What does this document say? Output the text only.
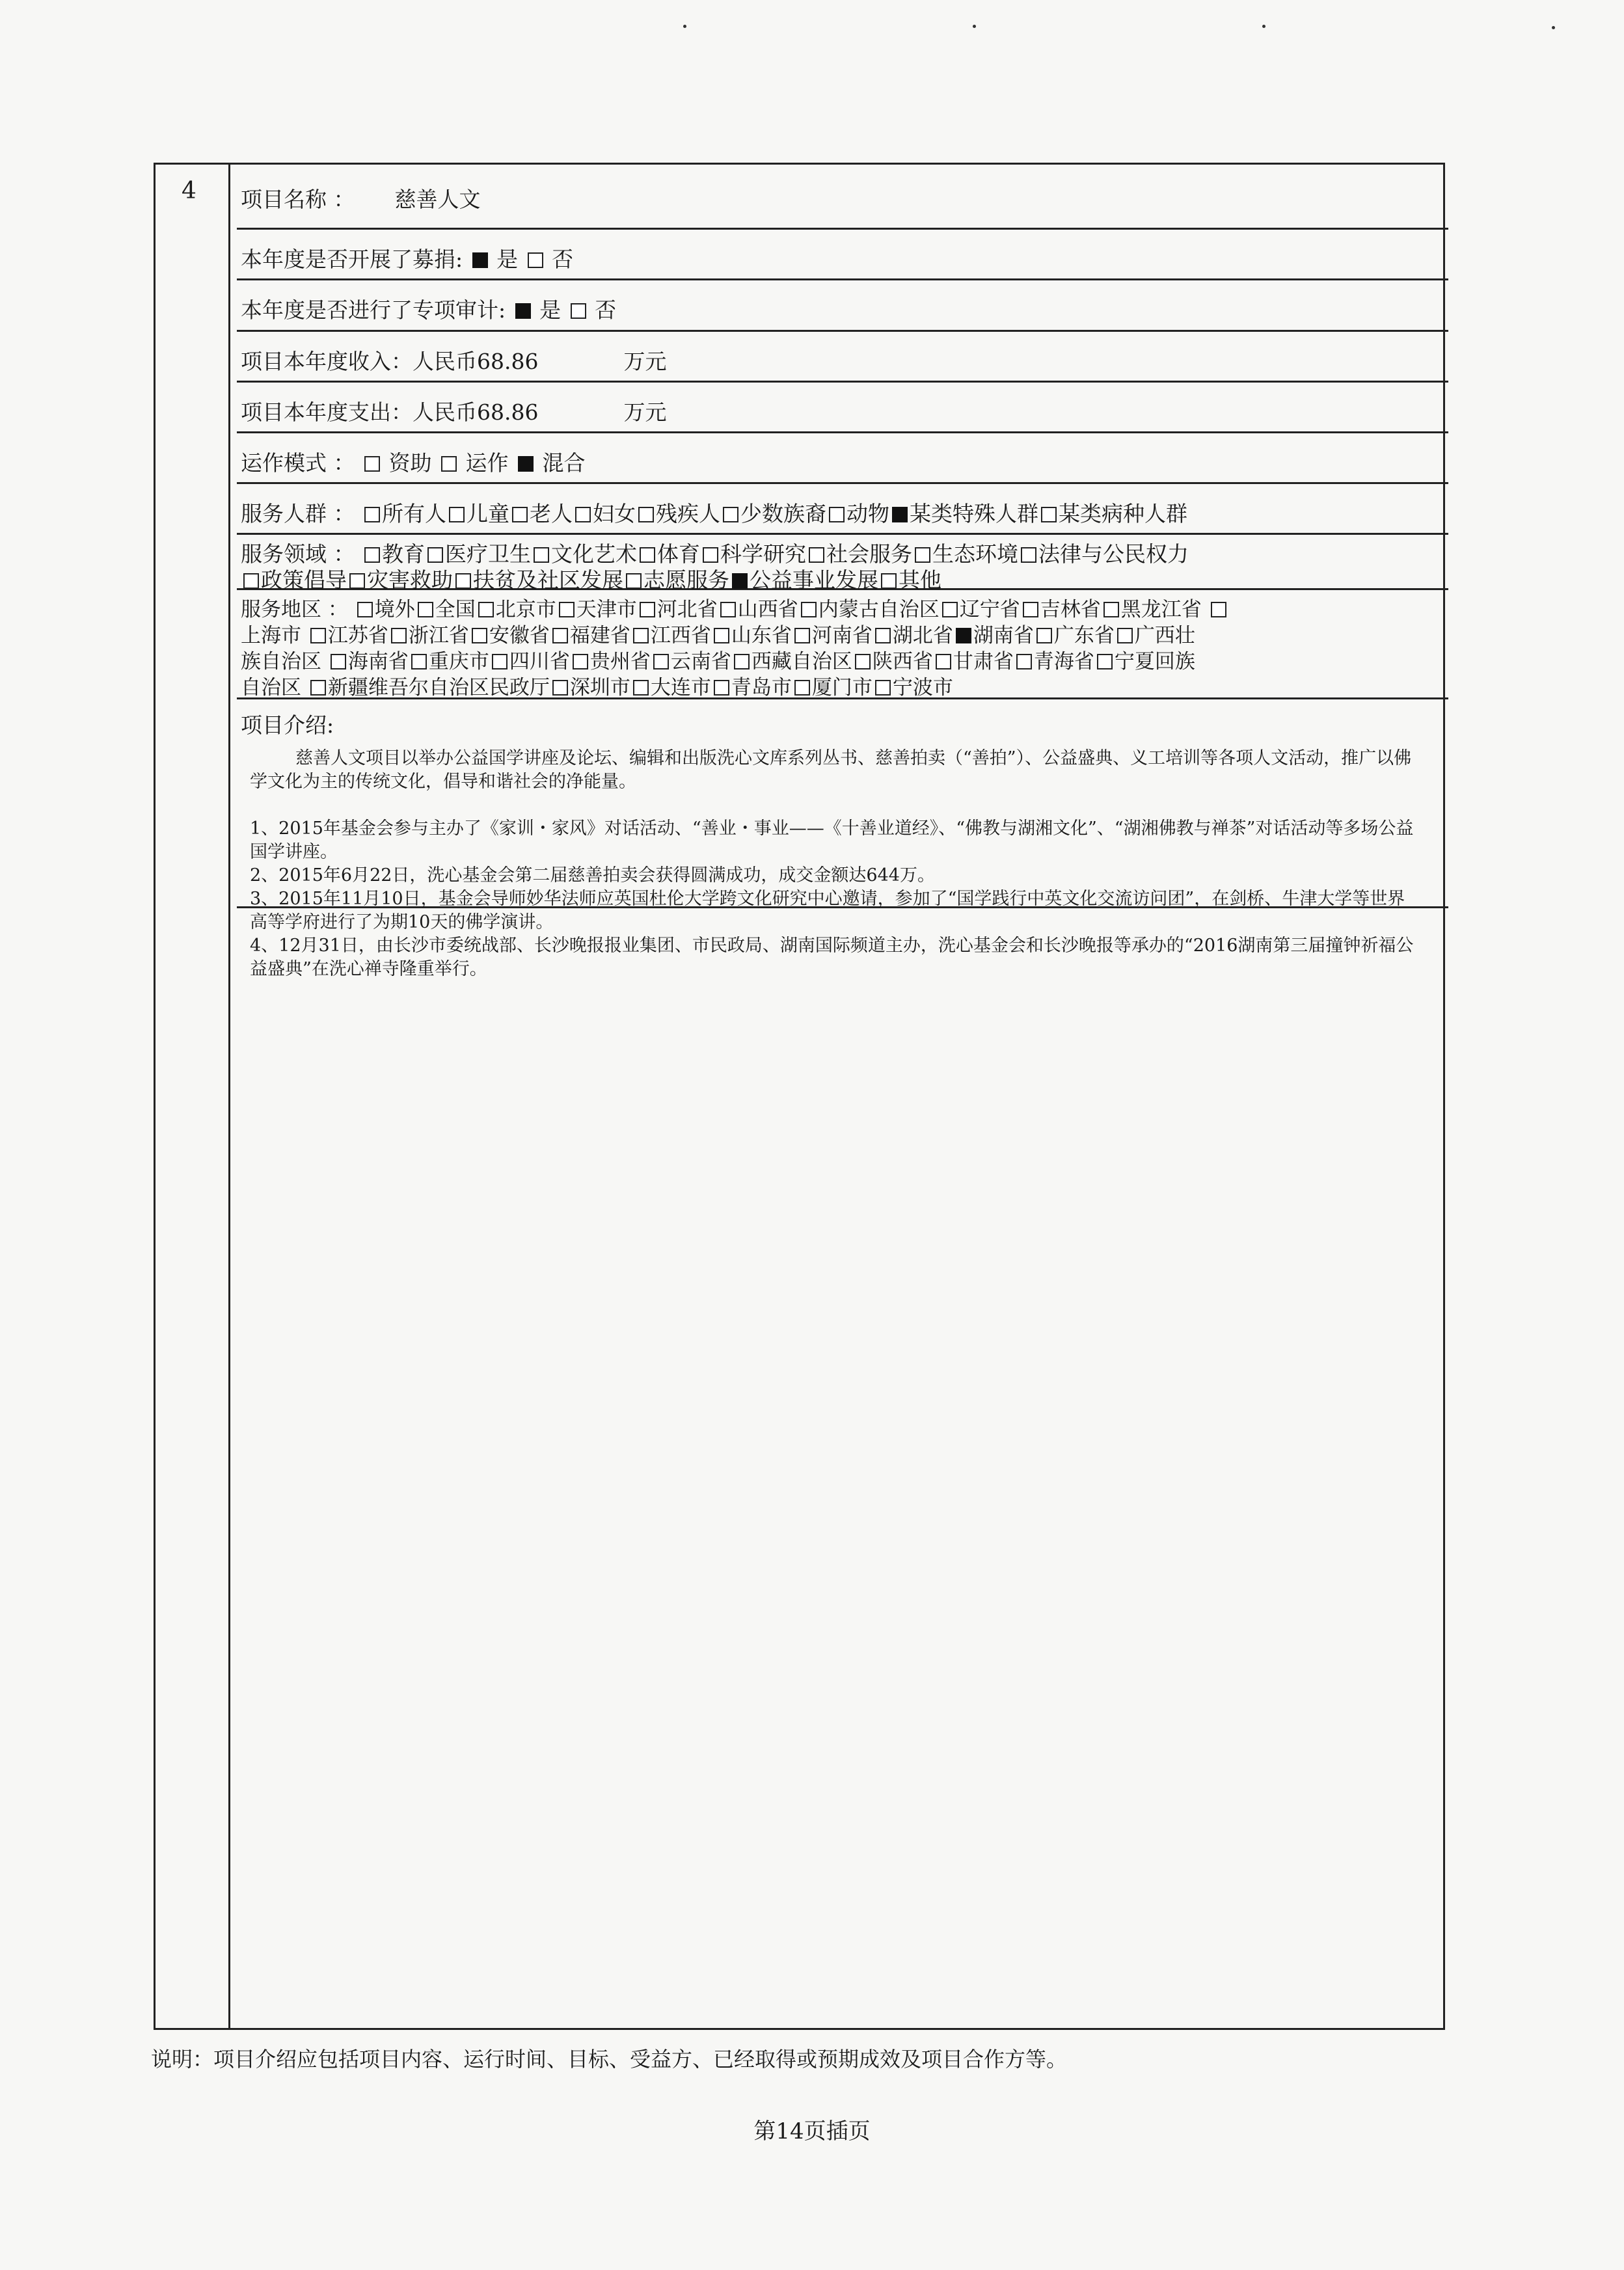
4 项目名称 ： 慈善人文
本年度是否开展了募捐: 是 否
本年度是否进行了专项审计: 是 否
项目本年度收入：人民币68.86	万元
项目本年度支出：人民币68.86	万元
运作模式 ： 资助 运作 混合
服务人群 ： 所有人 儿童 老人 妇女 残疾人 少数族裔 动物 某类特殊人群 某类病种人群
服务领域 ： 教育 医疗卫生 文化艺术 体育 科学研究 社会服务 生态环境 法律与公民权力
政策倡导 灾害救助 扶贫及社区发展 志愿服务 公益事业发展 其他
服务地区 ： 境外 全国 北京市 天津市 河北省 山西省 内蒙古自治区 辽宁省 吉林省 黑龙江省
上海市 江苏省 浙江省 安徽省 福建省 江西省 山东省 河南省 湖北省 湖南省 广东省 广西壮
族自治区 海南省 重庆市 四川省 贵州省 云南省 西藏自治区 陕西省 甘肃省 青海省 宁夏回族
自治区 新疆维吾尔自治区民政厅 深圳市 大连市 青岛市 厦门市 宁波市
项目介绍:

慈善人文项目以举办公益国学讲座及论坛、编辑和出版洗心文库系列丛书、慈善拍卖（“善拍”）、公益盛典、义工培训等各项人文活动，推广以佛学文化为主的传统文化，倡导和谐社会的净能量。

1、2015年基金会参与主办了《家训・家风》对话活动、“善业・事业——《十善业道经》、“佛教与湖湘文化”、“湖湘佛教与禅茶”对话活动等多场公益国学讲座。

2、2015年6月22日，洗心基金会第二届慈善拍卖会获得圆满成功，成交金额达644万。

3、2015年11月10日，基金会导师妙华法师应英国杜伦大学跨文化研究中心邀请，参加了“国学践行中英文化交流访问团”，在剑桥、牛津大学等世界高等学府进行了为期10天的佛学演讲。

4、12月31日，由长沙市委统战部、长沙晚报报业集团、市民政局、湖南国际频道主办，洗心基金会和长沙晚报等承办的“2016湖南第三届撞钟祈福公益盛典”在洗心禅寺隆重举行。

说明：项目介绍应包括项目内容、运行时间、目标、受益方、已经取得或预期成效及项目合作方等。
第14页插页
